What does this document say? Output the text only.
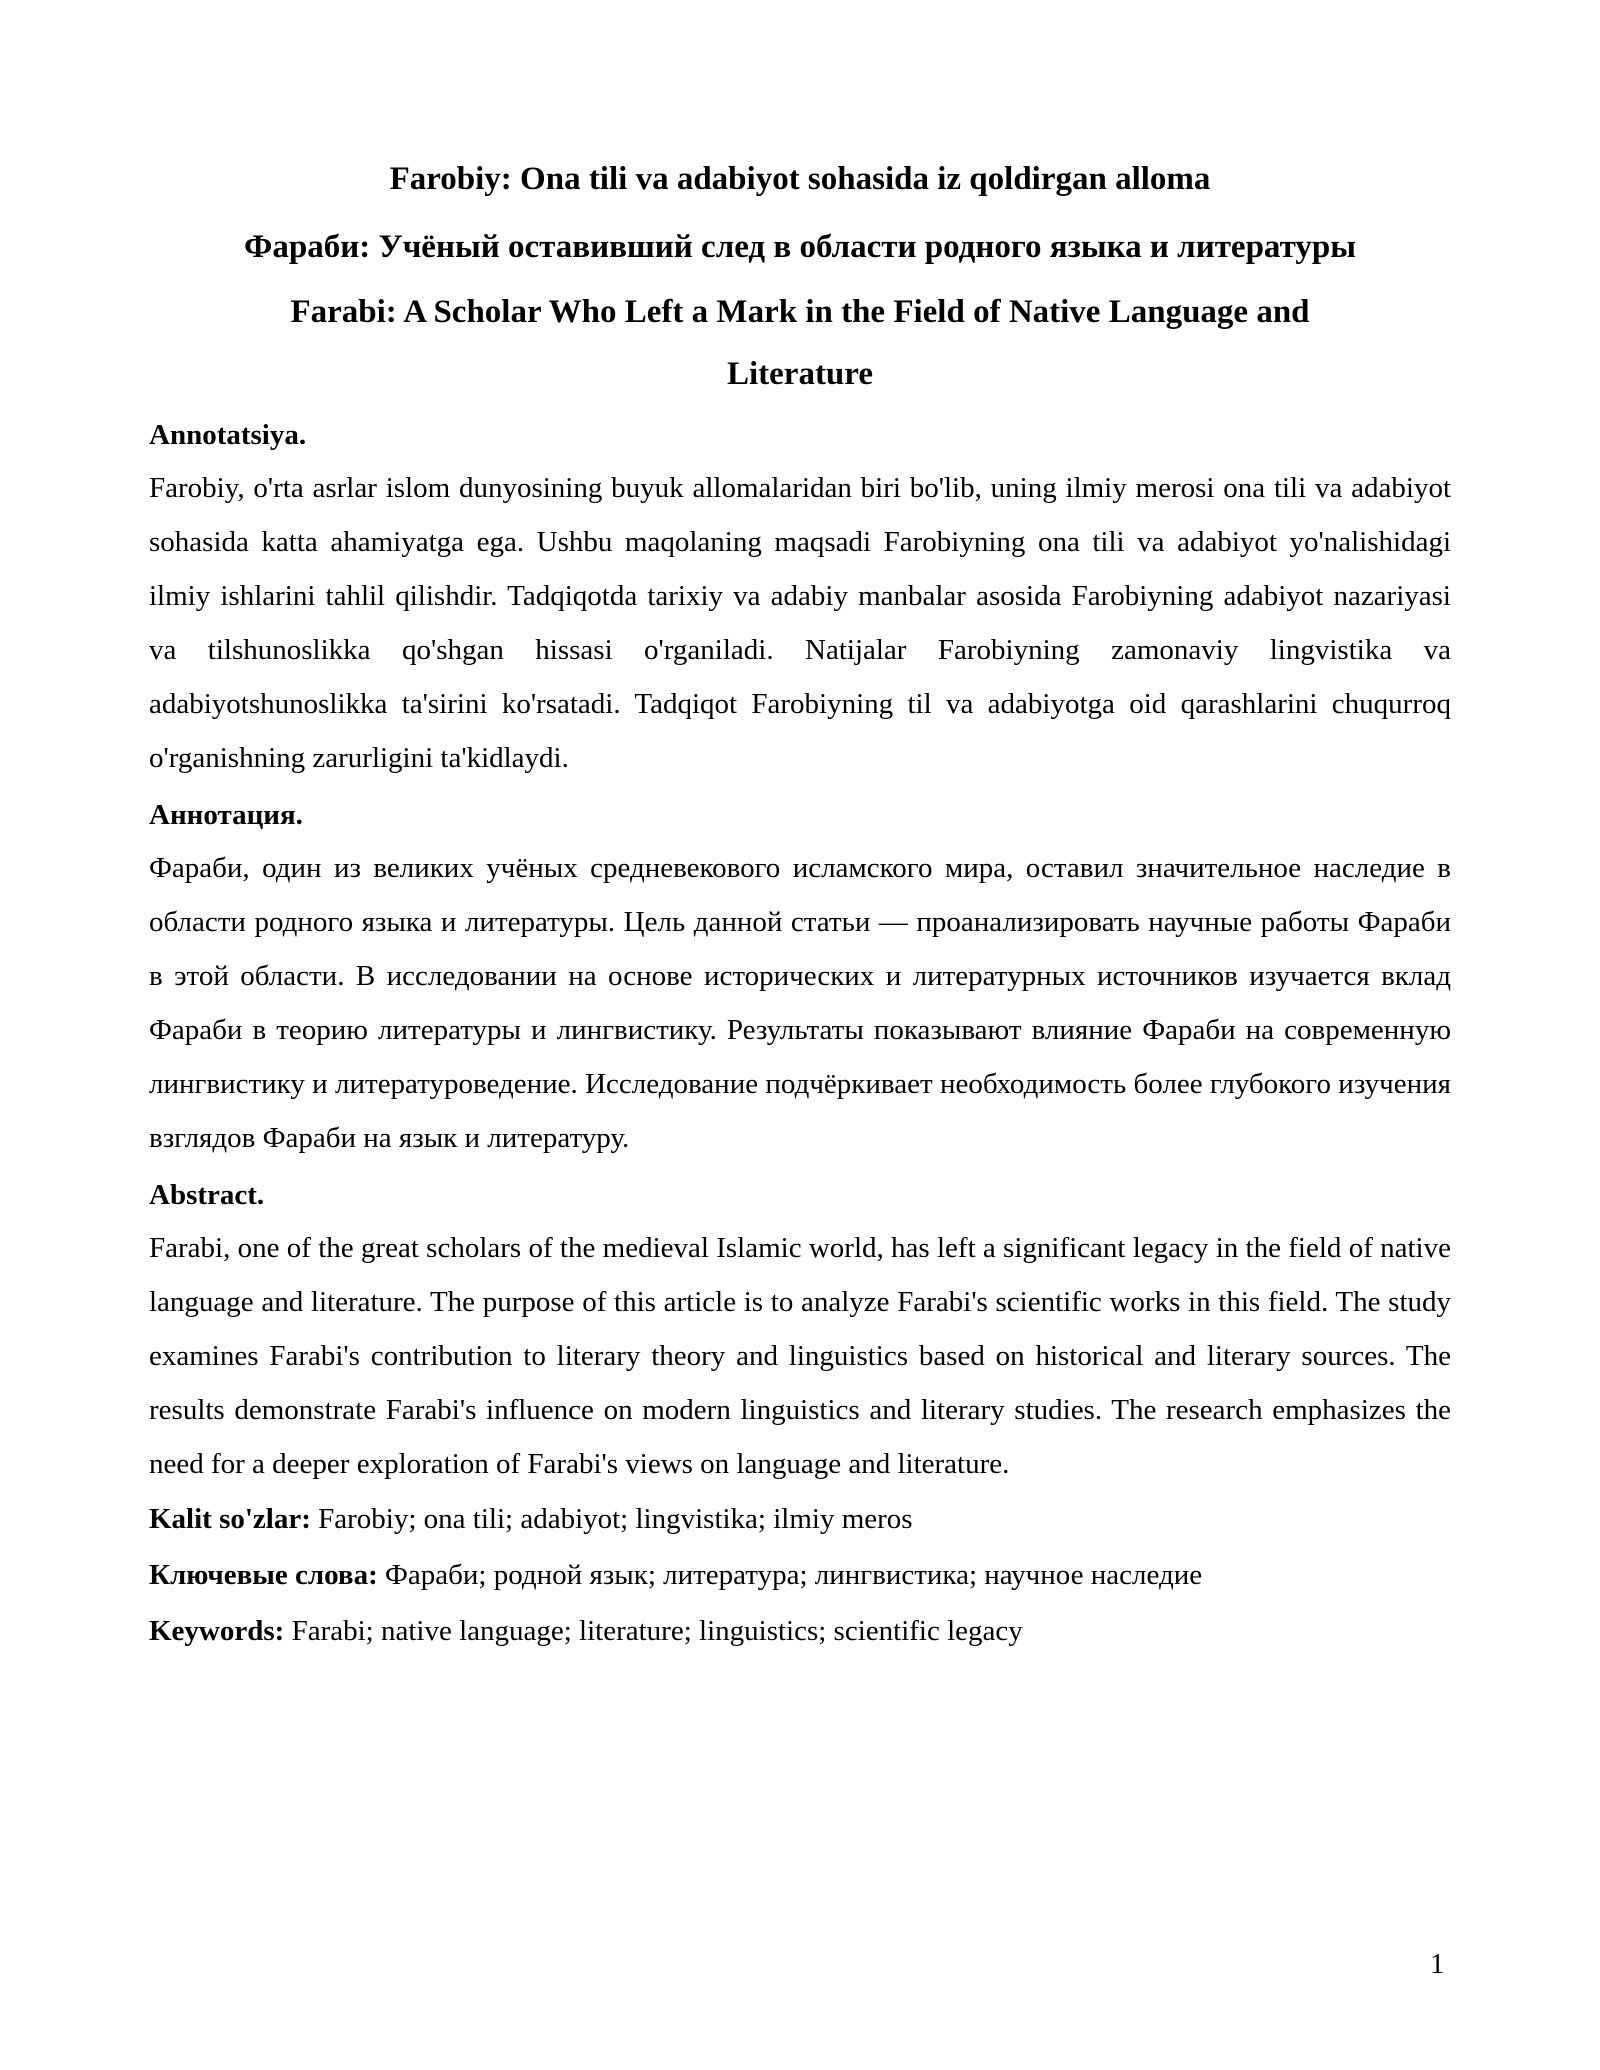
Farobiy: Ona tili va adabiyot sohasida iz qoldirgan alloma
Фараби: Учёный оставивший след в области родного языка и литературы
Farabi: A Scholar Who Left a Mark in the Field of Native Language and
Literature
Annotatsiya.

Farobiy, o'rta asrlar islom dunyosining buyuk allomalaridan biri bo'lib, uning ilmiy merosi ona tili va adabiyot sohasida katta ahamiyatga ega. Ushbu maqolaning maqsadi Farobiyning ona tili va adabiyot yo'nalishidagi ilmiy ishlarini tahlil qilishdir. Tadqiqotda tarixiy va adabiy manbalar asosida Farobiyning adabiyot nazariyasi va tilshunoslikka qo'shgan hissasi o'rganiladi. Natijalar Farobiyning zamonaviy lingvistika va adabiyotshunoslikka ta'sirini ko'rsatadi. Tadqiqot Farobiyning til va adabiyotga oid qarashlarini chuqurroq o'rganishning zarurligini ta'kidlaydi.

Аннотация.

Фараби, один из великих учёных средневекового исламского мира, оставил значительное наследие в области родного языка и литературы. Цель данной статьи — проанализировать научные работы Фараби в этой области. В исследовании на основе исторических и литературных источников изучается вклад Фараби в теорию литературы и лингвистику. Результаты показывают влияние Фараби на современную лингвистику и литературоведение. Исследование подчёркивает необходимость более глубокого изучения взглядов Фараби на язык и литературу.

Abstract.

Farabi, one of the great scholars of the medieval Islamic world, has left a significant legacy in the field of native language and literature. The purpose of this article is to analyze Farabi's scientific works in this field. The study examines Farabi's contribution to literary theory and linguistics based on historical and literary sources. The results demonstrate Farabi's influence on modern linguistics and literary studies. The research emphasizes the need for a deeper exploration of Farabi's views on language and literature.

Kalit so'zlar: Farobiy; ona tili; adabiyot; lingvistika; ilmiy meros

Ключевые слова: Фараби; родной язык; литература; лингвистика; научное наследие

Keywords: Farabi; native language; literature; linguistics; scientific legacy

1
